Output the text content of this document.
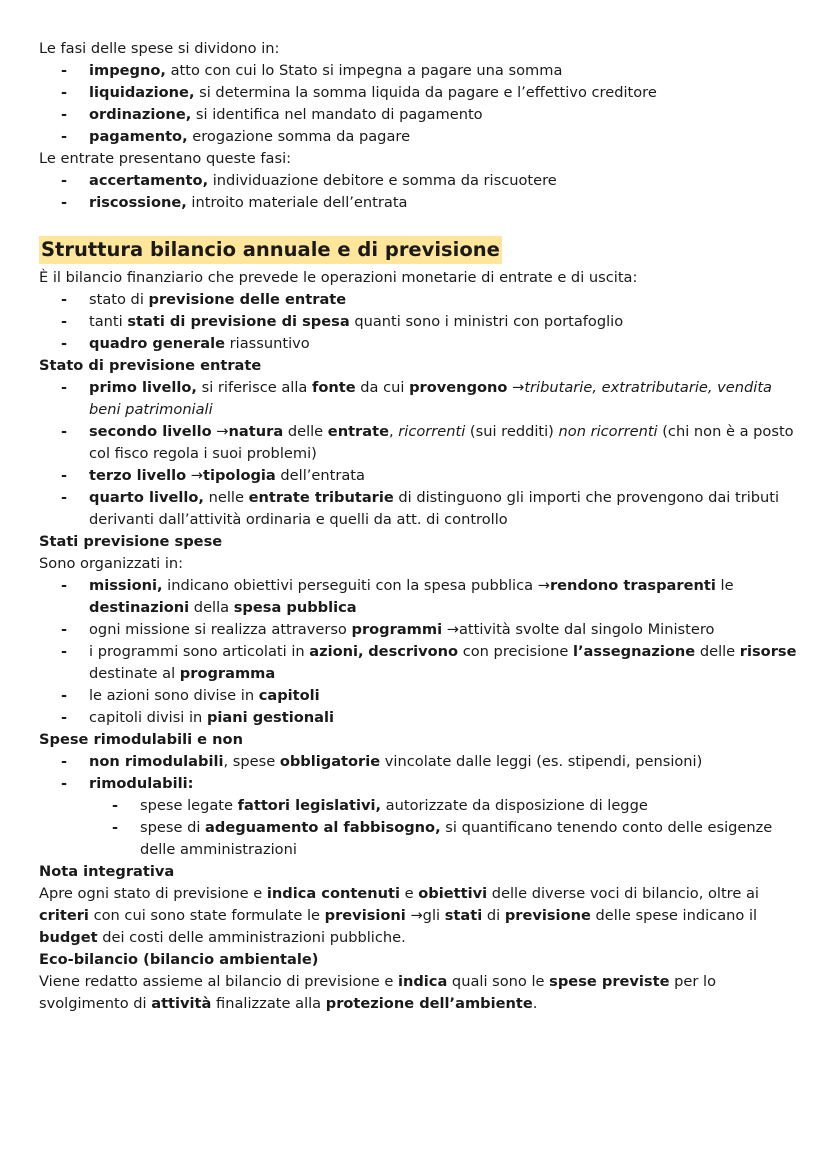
Le fasi delle spese si dividono in:
- impegno, atto con cui lo Stato si impegna a pagare una somma
- liquidazione, si determina la somma liquida da pagare e l’effettivo creditore
- ordinazione, si identifica nel mandato di pagamento
- pagamento, erogazione somma da pagare
Le entrate presentano queste fasi:
- accertamento, individuazione debitore e somma da riscuotere
- riscossione, introito materiale dell’entrata
Struttura bilancio annuale e di previsione
È il bilancio finanziario che prevede le operazioni monetarie di entrate e di uscita:
- stato di previsione delle entrate
- tanti stati di previsione di spesa quanti sono i ministri con portafoglio
- quadro generale riassuntivo
Stato di previsione entrate
- primo livello, si riferisce alla fonte da cui provengono →tributarie, extratributarie, vendita
beni patrimoniali
- secondo livello →natura delle entrate, ricorrenti (sui redditi) non ricorrenti (chi non è a posto
col fisco regola i suoi problemi)
- terzo livello →tipologia dell’entrata
- quarto livello, nelle entrate tributarie di distinguono gli importi che provengono dai tributi
derivanti dall’attività ordinaria e quelli da att. di controllo
Stati previsione spese
Sono organizzati in:
- missioni, indicano obiettivi perseguiti con la spesa pubblica →rendono trasparenti le
destinazioni della spesa pubblica
- ogni missione si realizza attraverso programmi →attività svolte dal singolo Ministero
- i programmi sono articolati in azioni, descrivono con precisione l’assegnazione delle risorse
destinate al programma
- le azioni sono divise in capitoli
- capitoli divisi in piani gestionali
Spese rimodulabili e non
- non rimodulabili, spese obbligatorie vincolate dalle leggi (es. stipendi, pensioni)
- rimodulabili:
- spese legate fattori legislativi, autorizzate da disposizione di legge
- spese di adeguamento al fabbisogno, si quantificano tenendo conto delle esigenze
delle amministrazioni
Nota integrativa
Apre ogni stato di previsione e indica contenuti e obiettivi delle diverse voci di bilancio, oltre ai
criteri con cui sono state formulate le previsioni →gli stati di previsione delle spese indicano il
budget dei costi delle amministrazioni pubbliche.
Eco-bilancio (bilancio ambientale)
Viene redatto assieme al bilancio di previsione e indica quali sono le spese previste per lo
svolgimento di attività finalizzate alla protezione dell’ambiente.
